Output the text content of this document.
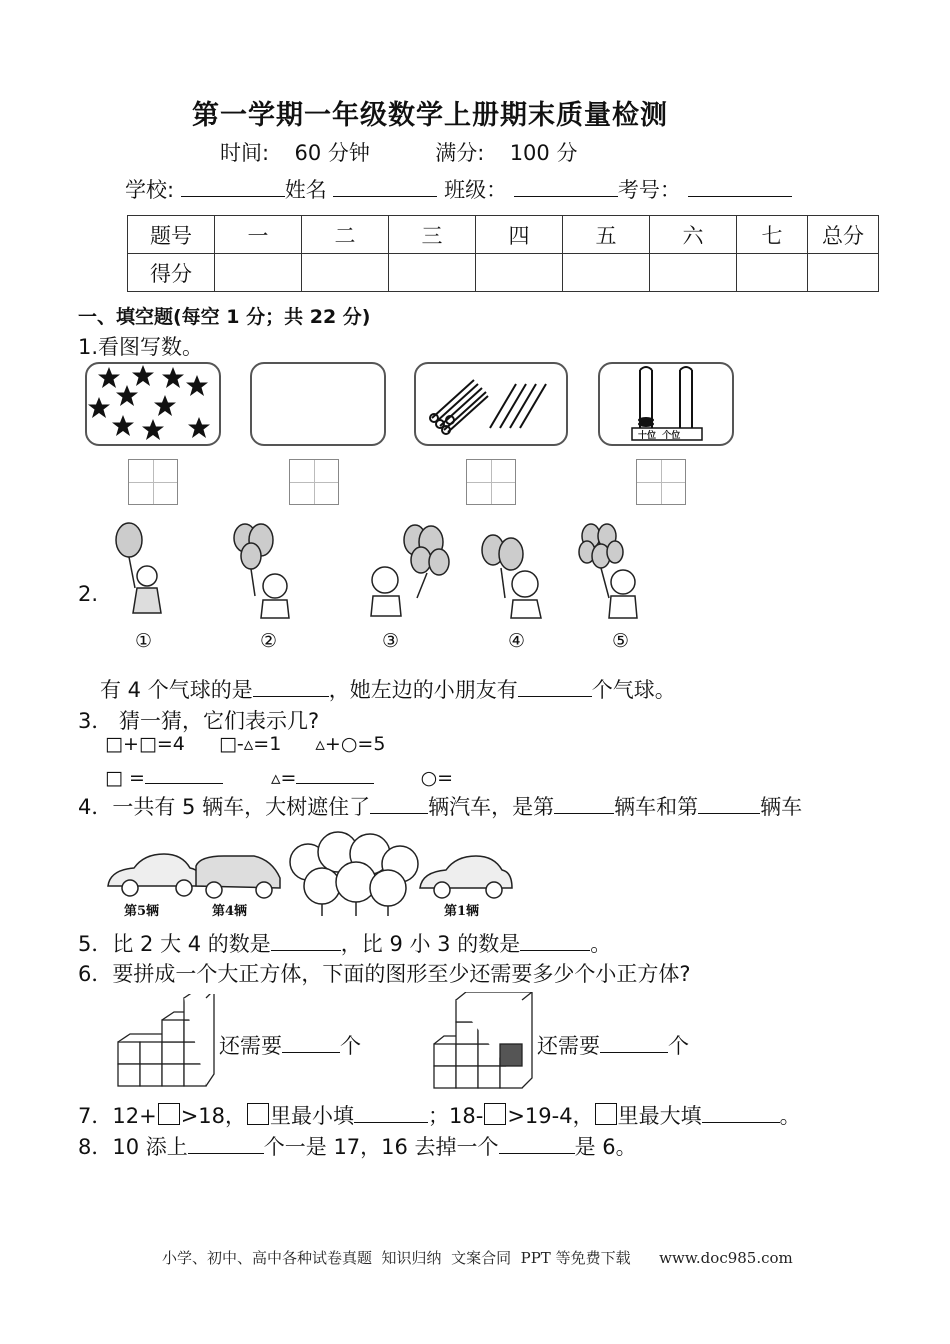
第一学期一年级数学上册期末质量检测
时间: 60 分钟	满分: 100 分
学校:	姓名	班级：	考号：
题号	一	二	三	四	五	六	七	总分
得分								
一、填空题(每空 1 分；共 22 分)
1.看图写数。
十位 个位
2.
①	②	③	④	⑤
有 4 个气球的是	，她左边的小朋友有	个气球。
3． 猜一猜，它们表示几?
□+□=4 □-▵=1 ▵+○=5
□ =	▵=	○=
4．一共有 5 辆车，大树遮住了	辆汽车，是第	辆车和第	辆车
第5辆	第4辆	第1辆
5．比 2 大 4 的数是	，比 9 小 3 的数是	。
6．要拼成一个大正方体，下面的图形至少还需要多少个小正方体?
还需要	个	还需要	个
7．12+ >18， 里最小填	；18- >19-4， 里最大填	。
8．10 添上	个一是 17，16 去掉一个	是 6。
小学、初中、高中各种试卷真题  知识归纳  文案合同  PPT 等免费下载      www.doc985.com
